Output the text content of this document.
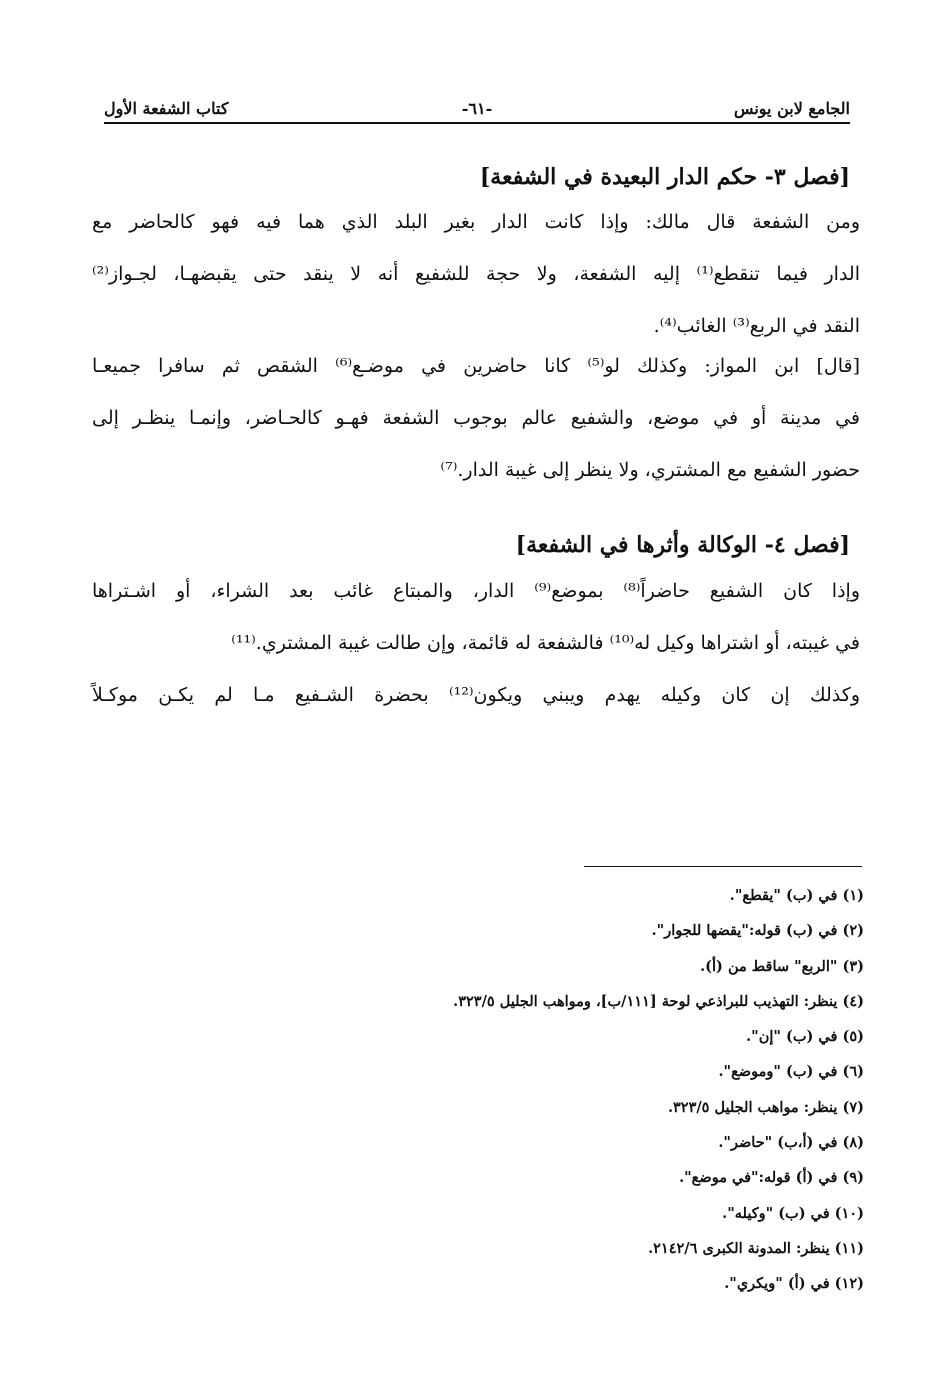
الجامع لابن يونس
-٦١-
كتاب الشفعة الأول
[فصل ٣- حكم الدار البعيدة في الشفعة]

ومن الشفعة قال مالك: وإذا كانت الدار بغير البلد الذي هما فيه فهو كالحاضر مع
الدار فيما تنقطع⁽¹⁾ إليه الشفعة، ولا حجة للشفيع أنه لا ينقد حتى يقبضهـا، لجـواز⁽²⁾
النقد في الربع⁽³⁾ الغائب⁽⁴⁾.

[قال] ابن المواز: وكذلك لو⁽⁵⁾ كانا حاضرين في موضـع⁽⁶⁾ الشقص ثم سافرا جميعـا
في مدينة أو في موضع، والشفيع عالم بوجوب الشفعة فهـو كالحـاضر، وإنمـا ينظـر إلى
حضور الشفيع مع المشتري، ولا ينظر إلى غيبة الدار.⁽⁷⁾

[فصل ٤- الوكالة وأثرها في الشفعة]

وإذا كان الشفيع حاضراً⁽⁸⁾ بموضع⁽⁹⁾ الدار، والمبتاع غائب بعد الشراء، أو اشـتراها
في غيبته، أو اشتراها وكيل له⁽¹⁰⁾ فالشفعة له قائمة، وإن طالت غيبة المشتري.⁽¹¹⁾
وكذلك إن كان وكيله يهدم ويبني ويكون⁽¹²⁾ بحضرة الشـفيع مـا لم يكـن موكـلاً

(١) في (ب) "يقطع".
(٢) في (ب) قوله:"يقضها للجوار".
(٣) "الربع" ساقط من (أ).
(٤) ينظر: التهذيب للبراذعي لوحة [١١١/ب]، ومواهب الجليل ٣٢٣/٥.
(٥) في (ب) "إن".
(٦) في (ب) "وموضع".
(٧) ينظر: مواهب الجليل ٣٢٣/٥.
(٨) في (أ،ب) "حاضر".
(٩) في (أ) قوله:"في موضع".
(١٠) في (ب) "وكيله".
(١١) ينظر: المدونة الكبرى ٢١٤٢/٦.
(١٢) في (أ) "ويكري".
